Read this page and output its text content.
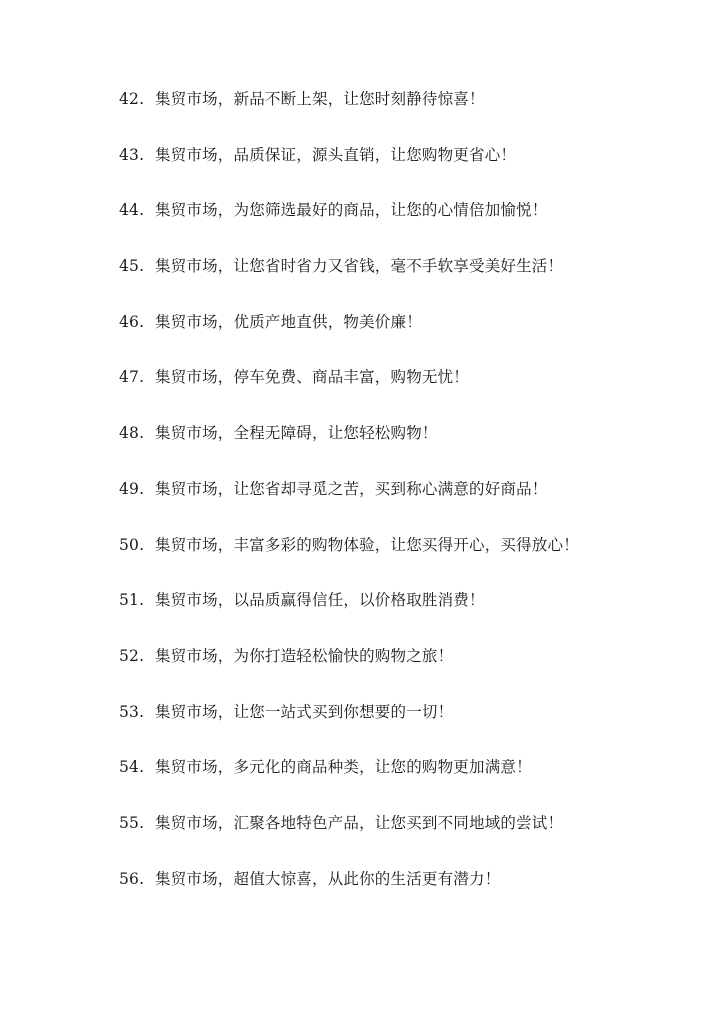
42. 集贸市场，新品不断上架，让您时刻静待惊喜！
43. 集贸市场，品质保证，源头直销，让您购物更省心！
44. 集贸市场，为您筛选最好的商品，让您的心情倍加愉悦！
45. 集贸市场，让您省时省力又省钱，毫不手软享受美好生活！
46. 集贸市场，优质产地直供，物美价廉！
47. 集贸市场，停车免费、商品丰富，购物无忧！
48. 集贸市场，全程无障碍，让您轻松购物！
49. 集贸市场，让您省却寻觅之苦，买到称心满意的好商品！
50. 集贸市场，丰富多彩的购物体验，让您买得开心，买得放心！
51. 集贸市场，以品质赢得信任，以价格取胜消费！
52. 集贸市场，为你打造轻松愉快的购物之旅！
53. 集贸市场，让您一站式买到你想要的一切！
54. 集贸市场，多元化的商品种类，让您的购物更加满意！
55. 集贸市场，汇聚各地特色产品，让您买到不同地域的尝试！
56. 集贸市场，超值大惊喜，从此你的生活更有潜力！
